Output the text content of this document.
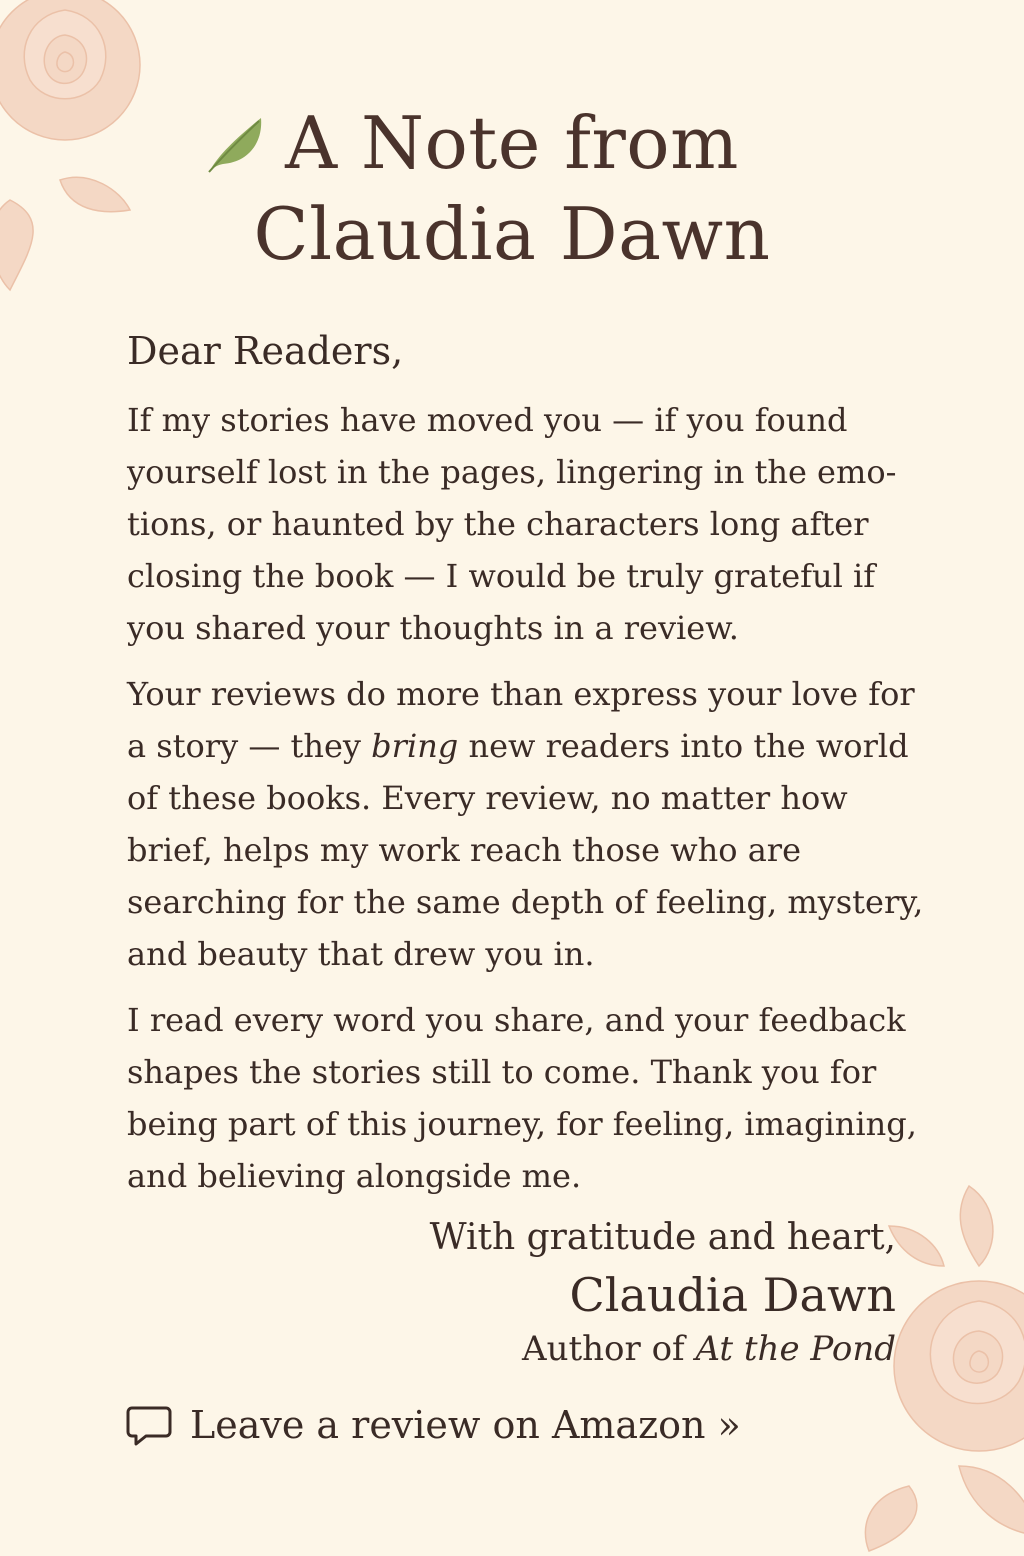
A Note from
Claudia Dawn

Dear Readers,

If my stories have moved you — if you found yourself lost in the pages, lingering in the emo-tions, or haunted by the characters long after closing the book — I would be truly grateful if you shared your thoughts in a review.

Your reviews do more than express your love for a story — they bring new readers into the world of these books. Every review, no matter how brief, helps my work reach those who are searching for the same depth of feeling, mystery, and beauty that drew you in.

I read every word you share, and your feedback shapes the stories still to come. Thank you for being part of this journey, for feeling, imagining, and believing alongside me.

With gratitude and heart,
Claudia Dawn
Author of At the Pond
Leave a review on Amazon »
